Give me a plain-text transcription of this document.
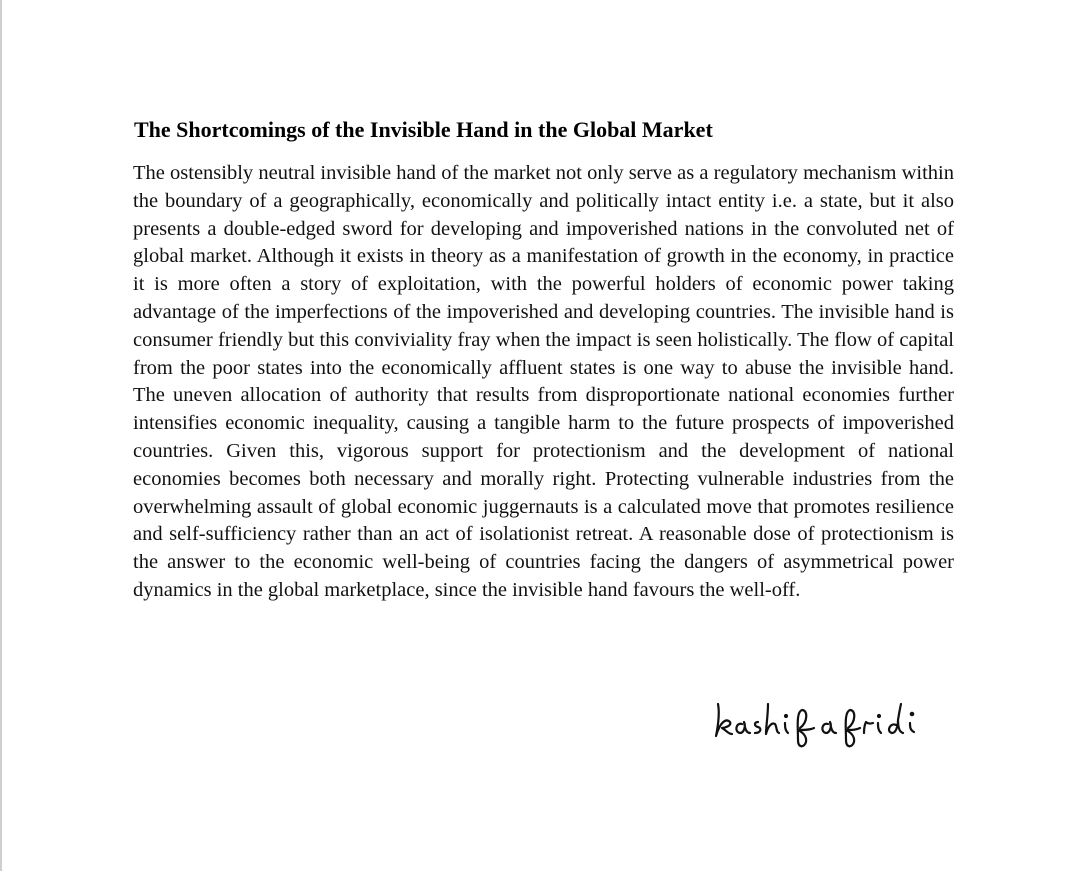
The Shortcomings of the Invisible Hand in the Global Market

The ostensibly neutral invisible hand of the market not only serve as a regulatory mechanism within the boundary of a geographically, economically and politically intact entity i.e. a state, but it also presents a double-edged sword for developing and impoverished nations in the convoluted net of global market. Although it exists in theory as a manifestation of growth in the economy, in practice it is more often a story of exploitation, with the powerful holders of economic power taking advantage of the imperfections of the impoverished and developing countries. The invisible hand is consumer friendly but this conviviality fray when the impact is seen holistically. The flow of capital from the poor states into the economically affluent states is one way to abuse the invisible hand. The uneven allocation of authority that results from disproportionate national economies further intensifies economic inequality, causing a tangible harm to the future prospects of impoverished countries. Given this, vigorous support for protectionism and the development of national economies becomes both necessary and morally right. Protecting vulnerable industries from the overwhelming assault of global economic juggernauts is a calculated move that promotes resilience and self-sufficiency rather than an act of isolationist retreat. A reasonable dose of protectionism is the answer to the economic well-being of countries facing the dangers of asymmetrical power dynamics in the global marketplace, since the invisible hand favours the well-off.
